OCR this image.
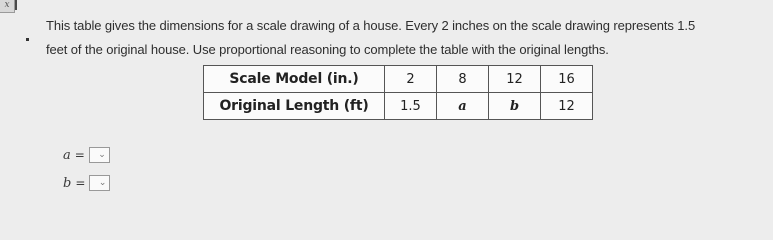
x
This table gives the dimensions for a scale drawing of a house. Every 2 inches on the scale drawing represents 1.5
feet of the original house. Use proportional reasoning to complete the table with the original lengths.
Scale Model (in.)	2	8	12	16
Original Length (ft)	1.5	a	b	12
a = ⌄
b = ⌄
